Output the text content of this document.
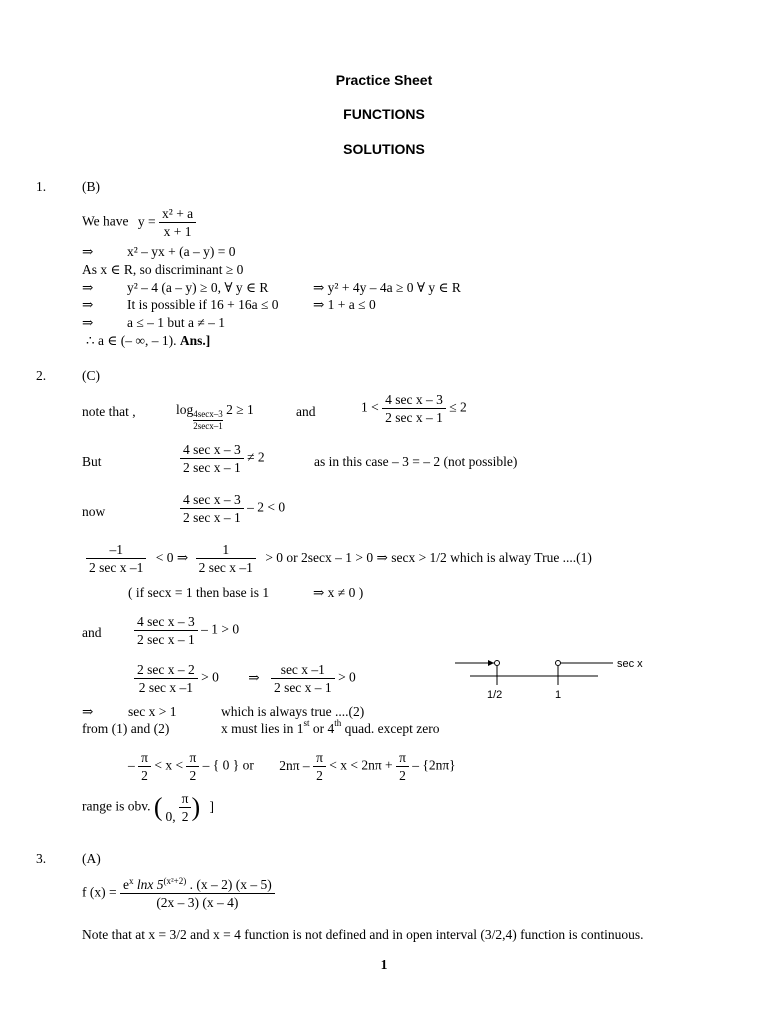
Practice Sheet
FUNCTIONS
SOLUTIONS
1.	(B)
We have $y = \frac{\text{x² + a}}{x + 1}$
⇒ x² – yx + (a – y) = 0
As x ∈ R, so discriminant ≥ 0
⇒ y² – 4 (a – y) ≥ 0, ∀ y ∈ R	⇒ y² + 4y – 4a ≥ 0 ∀ y ∈ R
⇒ It is possible if 16 + 16a ≤ 0	⇒ 1 + a ≤ 0
⇒ a ≤ – 1 but a ≠ – 1
∴ a ∈ (– ∞, – 1). Ans.]
2.	(C)
note that ,	log 4secx–3
2secx–1
2 ≥ 1	and	$1 < \frac{\text{4 sec x – 3}}{\text{2 sec x – 1}} \le 2$
But	$\frac{\text{4 sec x – 3}}{\text{2 sec x – 1}} \ne 2$	as in this case – 3 = – 2 (not possible)
now	$\frac{\text{4 sec x – 3}}{\text{2 sec x – 1}} - 2 < 0$
$\frac{-1}{\text{2 sec x –1}} < 0$ ⇒ $\frac{1}{\text{2 sec x –1}} > 0$ or 2secx – 1 > 0 ⇒ secx > 1/2 which is alway True ....(1)
( if secx = 1 then base is 1	⇒ x ≠ 0 )
and $\frac{\text{4 sec x – 3}}{\text{2 sec x – 1}} - 1 > 0$
$\frac{\text{2 sec x – 2}}{\text{2 sec x –1}} > 0$ ⇒ $\frac{\text{sec x –1}}{\text{2 sec x – 1}} > 0$
sec x
1/2	1
⇒	sec x > 1	which is always true ....(2)
from (1) and (2)	x must lies in 1st or 4th quad. except zero
– $\frac{\pi}{2} < x < \frac{\pi}{2}$ – { 0 } or $2n\pi - \frac{\pi}{2} < x < 2n\pi + \frac{\pi}{2} - \{2n\pi\}$
range is obv. ( 0, $\frac{\pi}{2}$ ) ]
3.	(A)
f $(x) = \frac{e^x \ln x 5^{(x^2+2)} . (x - 2) (x - 5)}{(2x - 3) (x - 4)}$
Note that at x = 3/2 and x = 4 function is not defined and in open interval (3/2,4) function is continuous.
1
